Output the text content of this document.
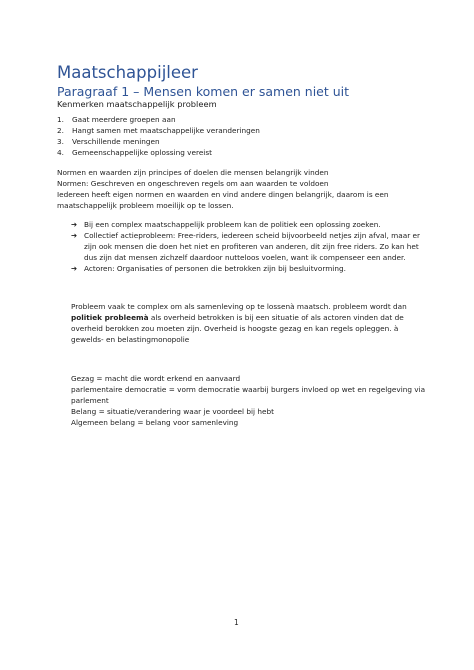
Maatschappijleer
Paragraaf 1 – Mensen komen er samen niet uit
Kenmerken maatschappelijk probleem
1. Gaat meerdere groepen aan
2. Hangt samen met maatschappelijke veranderingen
3. Verschillende meningen
4. Gemeenschappelijke oplossing vereist
Normen en waarden zijn principes of doelen die mensen belangrijk vinden
Normen: Geschreven en ongeschreven regels om aan waarden te voldoen
Iedereen heeft eigen normen en waarden en vind andere dingen belangrijk, daarom is een
maatschappelijk probleem moeilijk op te lossen.
➔ Bij een complex maatschappelijk probleem kan de politiek een oplossing zoeken.
➔ Collectief actieprobleem: Free-riders, iedereen scheid bijvoorbeeld netjes zijn afval, maar er
zijn ook mensen die doen het niet en profiteren van anderen, dit zijn free riders. Zo kan het
dus zijn dat mensen zichzelf daardoor nutteloos voelen, want ik compenseer een ander.
➔ Actoren: Organisaties of personen die betrokken zijn bij besluitvorming.
Probleem vaak te complex om als samenleving op te lossenà maatsch. probleem wordt dan
politiek probleemà als overheid betrokken is bij een situatie of als actoren vinden dat de
overheid berokken zou moeten zijn. Overheid is hoogste gezag en kan regels opleggen. à
gewelds- en belastingmonopolie
Gezag = macht die wordt erkend en aanvaard
parlementaire democratie = vorm democratie waarbij burgers invloed op wet en regelgeving via
parlement
Belang = situatie/verandering waar je voordeel bij hebt
Algemeen belang = belang voor samenleving
1
